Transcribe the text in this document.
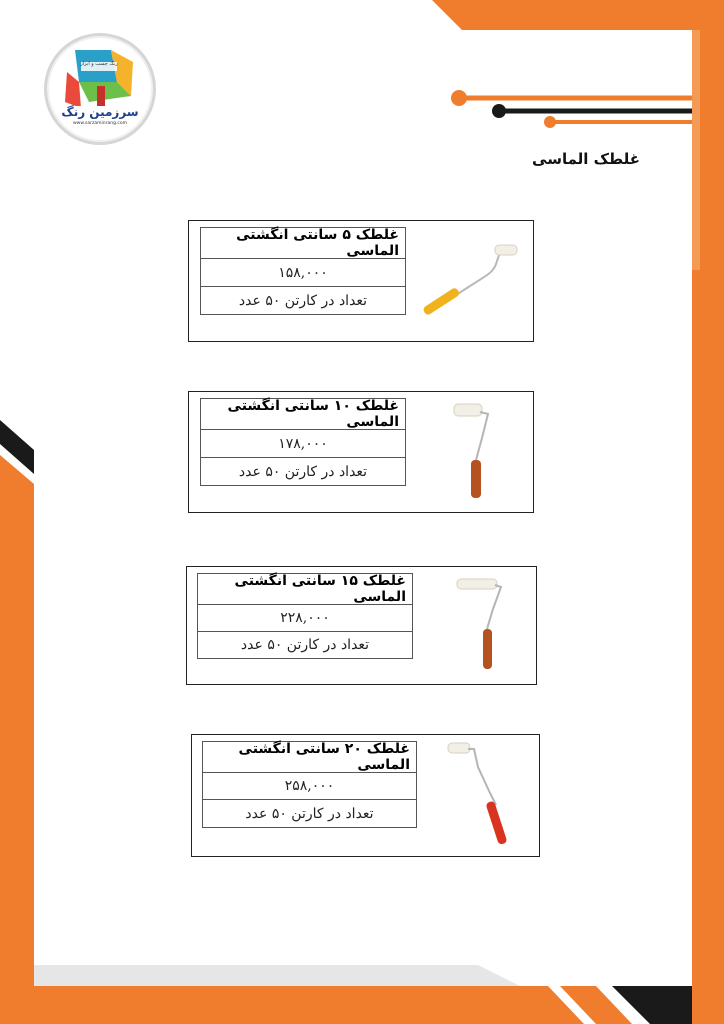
رنگ چسب و ابزار
سرزمین رنگ
www.sarzaminrang.com
غلطک الماسی
غلطک ۵ سانتی انگشتی الماسی
۱۵۸,۰۰۰
تعداد در کارتن ۵۰ عدد
غلطک ۱۰ سانتی انگشتی الماسی
۱۷۸,۰۰۰
تعداد در کارتن ۵۰ عدد
غلطک ۱۵ سانتی انگشتی الماسی
۲۲۸,۰۰۰
تعداد در کارتن ۵۰ عدد
غلطک ۲۰ سانتی انگشتی الماسی
۲۵۸,۰۰۰
تعداد در کارتن ۵۰ عدد
